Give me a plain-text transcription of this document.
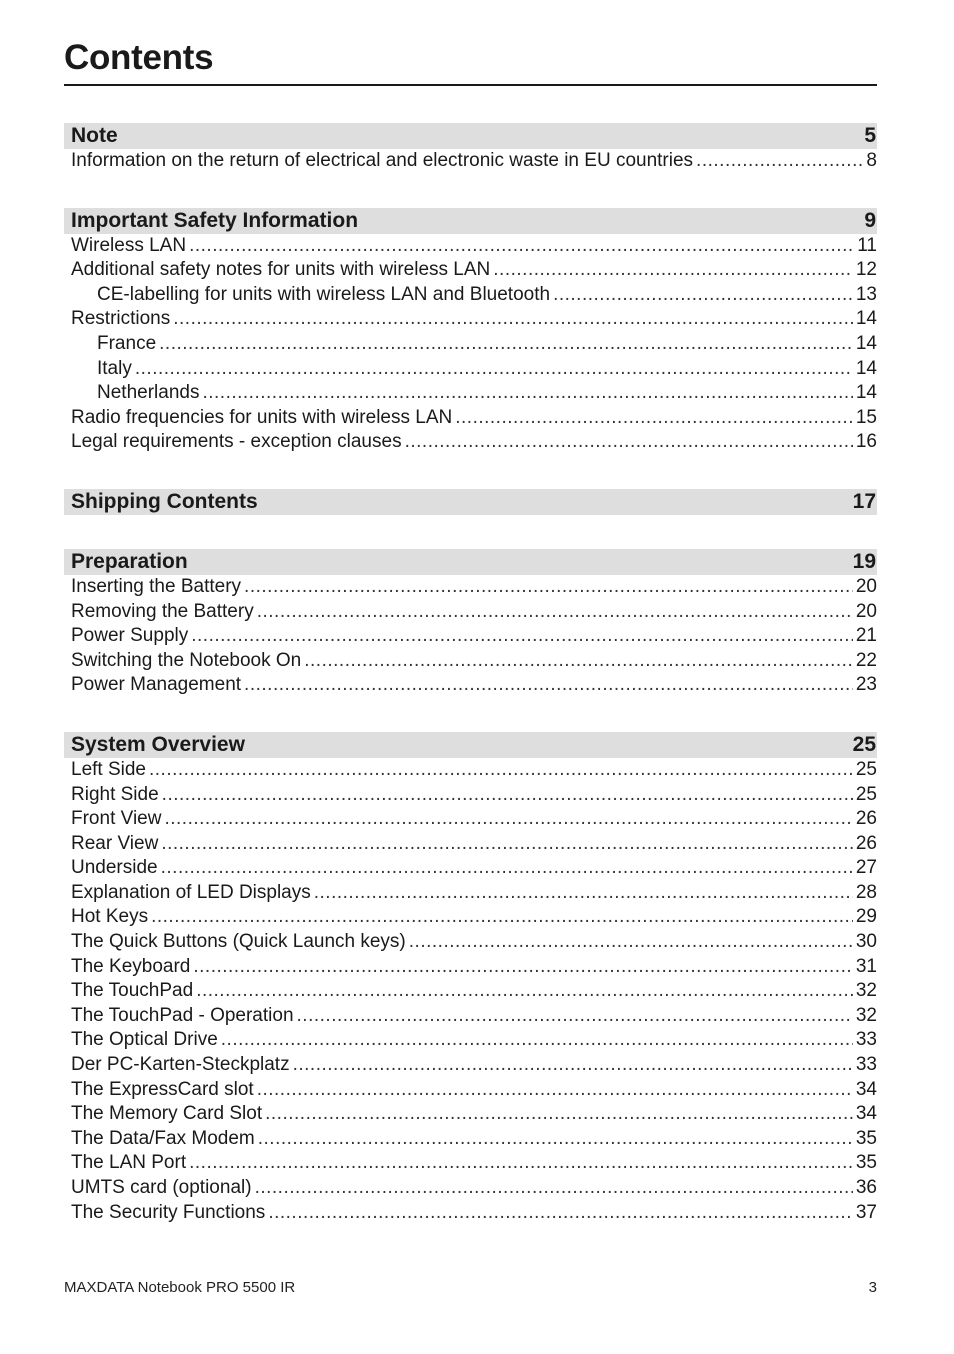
Contents
Note	5
Information on the return of electrical and electronic waste in EU countries .....	8
Important Safety Information	9
Wireless LAN .....	11
Additional safety notes for units with wireless LAN .....	12
CE-labelling for units with wireless LAN and Bluetooth .....	13
Restrictions .....	14
France .....	14
Italy .....	14
Netherlands .....	14
Radio frequencies for units with wireless LAN .....	15
Legal requirements - exception clauses .....	16
Shipping Contents	17
Preparation	19
Inserting the Battery .....	20
Removing the Battery .....	20
Power Supply .....	21
Switching the Notebook On .....	22
Power Management .....	23
System Overview	25
Left Side .....	25
Right Side .....	25
Front View .....	26
Rear View .....	26
Underside .....	27
Explanation of LED Displays .....	28
Hot Keys .....	29
The Quick Buttons (Quick Launch keys) .....	30
The Keyboard .....	31
The TouchPad .....	32
The TouchPad - Operation .....	32
The Optical Drive .....	33
Der PC-Karten-Steckplatz .....	33
The ExpressCard slot .....	34
The Memory Card Slot .....	34
The Data/Fax Modem .....	35
The LAN Port .....	35
UMTS card (optional) .....	36
The Security Functions .....	37
MAXDATA Notebook PRO 5500 IR	3
